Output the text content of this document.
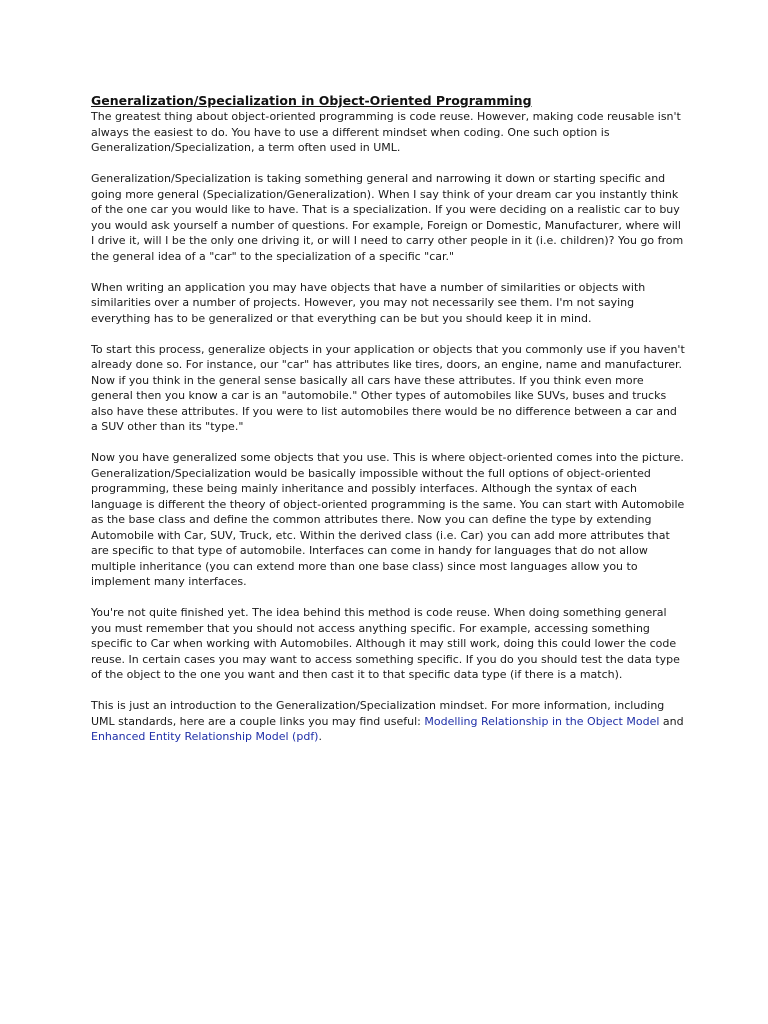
Generalization/Specialization in Object-Oriented Programming

The greatest thing about object-oriented programming is code reuse. However, making code reusable isn't always the easiest to do. You have to use a different mindset when coding. One such option is Generalization/Specialization, a term often used in UML.

Generalization/Specialization is taking something general and narrowing it down or starting specific and going more general (Specialization/Generalization). When I say think of your dream car you instantly think of the one car you would like to have. That is a specialization. If you were deciding on a realistic car to buy you would ask yourself a number of questions. For example, Foreign or Domestic, Manufacturer, where will I drive it, will I be the only one driving it, or will I need to carry other people in it (i.e. children)? You go from the general idea of a "car" to the specialization of a specific "car."

When writing an application you may have objects that have a number of similarities or objects with similarities over a number of projects. However, you may not necessarily see them. I'm not saying everything has to be generalized or that everything can be but you should keep it in mind.

To start this process, generalize objects in your application or objects that you commonly use if you haven't already done so. For instance, our "car" has attributes like tires, doors, an engine, name and manufacturer. Now if you think in the general sense basically all cars have these attributes. If you think even more general then you know a car is an "automobile." Other types of automobiles like SUVs, buses and trucks also have these attributes. If you were to list automobiles there would be no difference between a car and a SUV other than its "type."

Now you have generalized some objects that you use. This is where object-oriented comes into the picture. Generalization/Specialization would be basically impossible without the full options of object-oriented programming, these being mainly inheritance and possibly interfaces. Although the syntax of each language is different the theory of object-oriented programming is the same. You can start with Automobile as the base class and define the common attributes there. Now you can define the type by extending Automobile with Car, SUV, Truck, etc. Within the derived class (i.e. Car) you can add more attributes that are specific to that type of automobile. Interfaces can come in handy for languages that do not allow multiple inheritance (you can extend more than one base class) since most languages allow you to implement many interfaces.

You're not quite finished yet. The idea behind this method is code reuse. When doing something general you must remember that you should not access anything specific. For example, accessing something specific to Car when working with Automobiles. Although it may still work, doing this could lower the code reuse. In certain cases you may want to access something specific. If you do you should test the data type of the object to the one you want and then cast it to that specific data type (if there is a match).

This is just an introduction to the Generalization/Specialization mindset. For more information, including UML standards, here are a couple links you may find useful: Modelling Relationship in the Object Model and Enhanced Entity Relationship Model (pdf).
